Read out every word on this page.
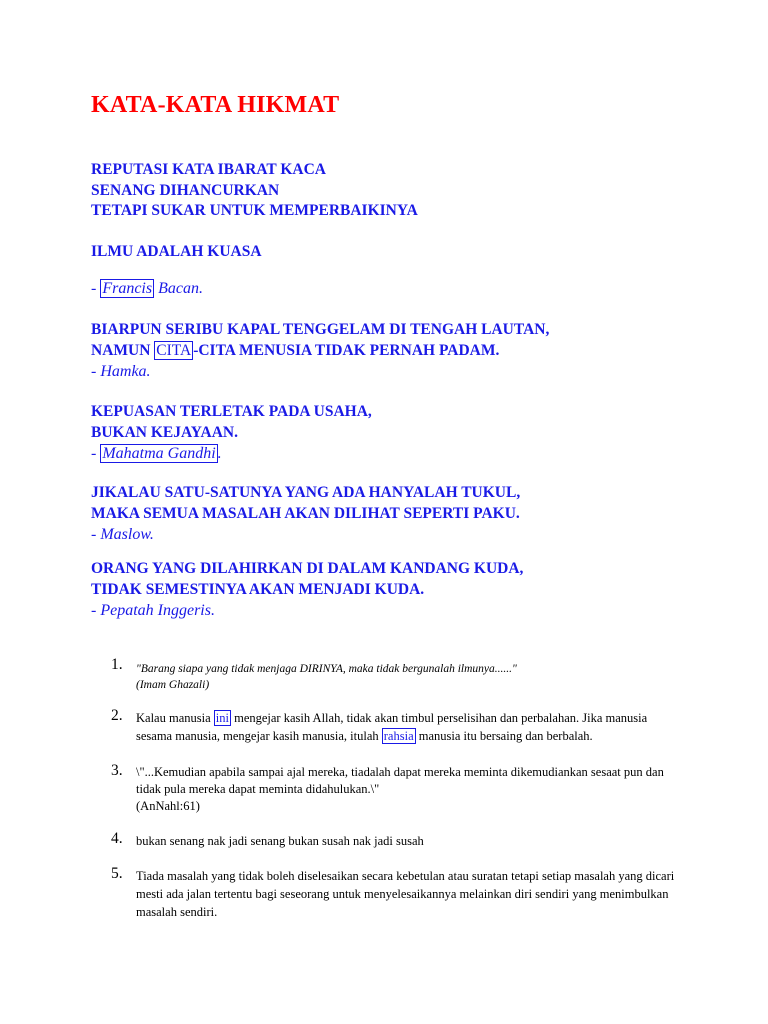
KATA-KATA HIKMAT
REPUTASI KATA IBARAT KACA
SENANG DIHANCURKAN
TETAPI SUKAR UNTUK MEMPERBAIKINYA
ILMU ADALAH KUASA
- Francis Bacan.
BIARPUN SERIBU KAPAL TENGGELAM DI TENGAH LAUTAN,
NAMUN CITA -CITA MENUSIA TIDAK PERNAH PADAM.
- Hamka.
KEPUASAN TERLETAK PADA USAHA,
BUKAN KEJAYAAN.
- Mahatma Gandhi .
JIKALAU SATU-SATUNYA YANG ADA HANYALAH TUKUL,
MAKA SEMUA MASALAH AKAN DILIHAT SEPERTI PAKU.
- Maslow.
ORANG YANG DILAHIRKAN DI DALAM KANDANG KUDA,
TIDAK SEMESTINYA AKAN MENJADI KUDA.
- Pepatah Inggeris.
1. "Barang siapa yang tidak menjaga DIRINYA, maka tidak bergunalah ilmunya......"
(Imam Ghazali)
2. Kalau manusia ini mengejar kasih Allah, tidak akan timbul perselisihan dan perbalahan. Jika manusia sesama manusia, mengejar kasih manusia, itulah rahsia manusia itu bersaing dan berbalah.
3. \"...Kemudian apabila sampai ajal mereka, tiadalah dapat mereka meminta dikemudiankan sesaat pun dan tidak pula mereka dapat meminta didahulukan.\"
(AnNahl:61)
4. bukan senang nak jadi senang bukan susah nak jadi susah
5. Tiada masalah yang tidak boleh diselesaikan secara kebetulan atau suratan tetapi setiap masalah yang dicari mesti ada jalan tertentu bagi seseorang untuk menyelesaikannya melainkan diri sendiri yang menimbulkan masalah sendiri.
